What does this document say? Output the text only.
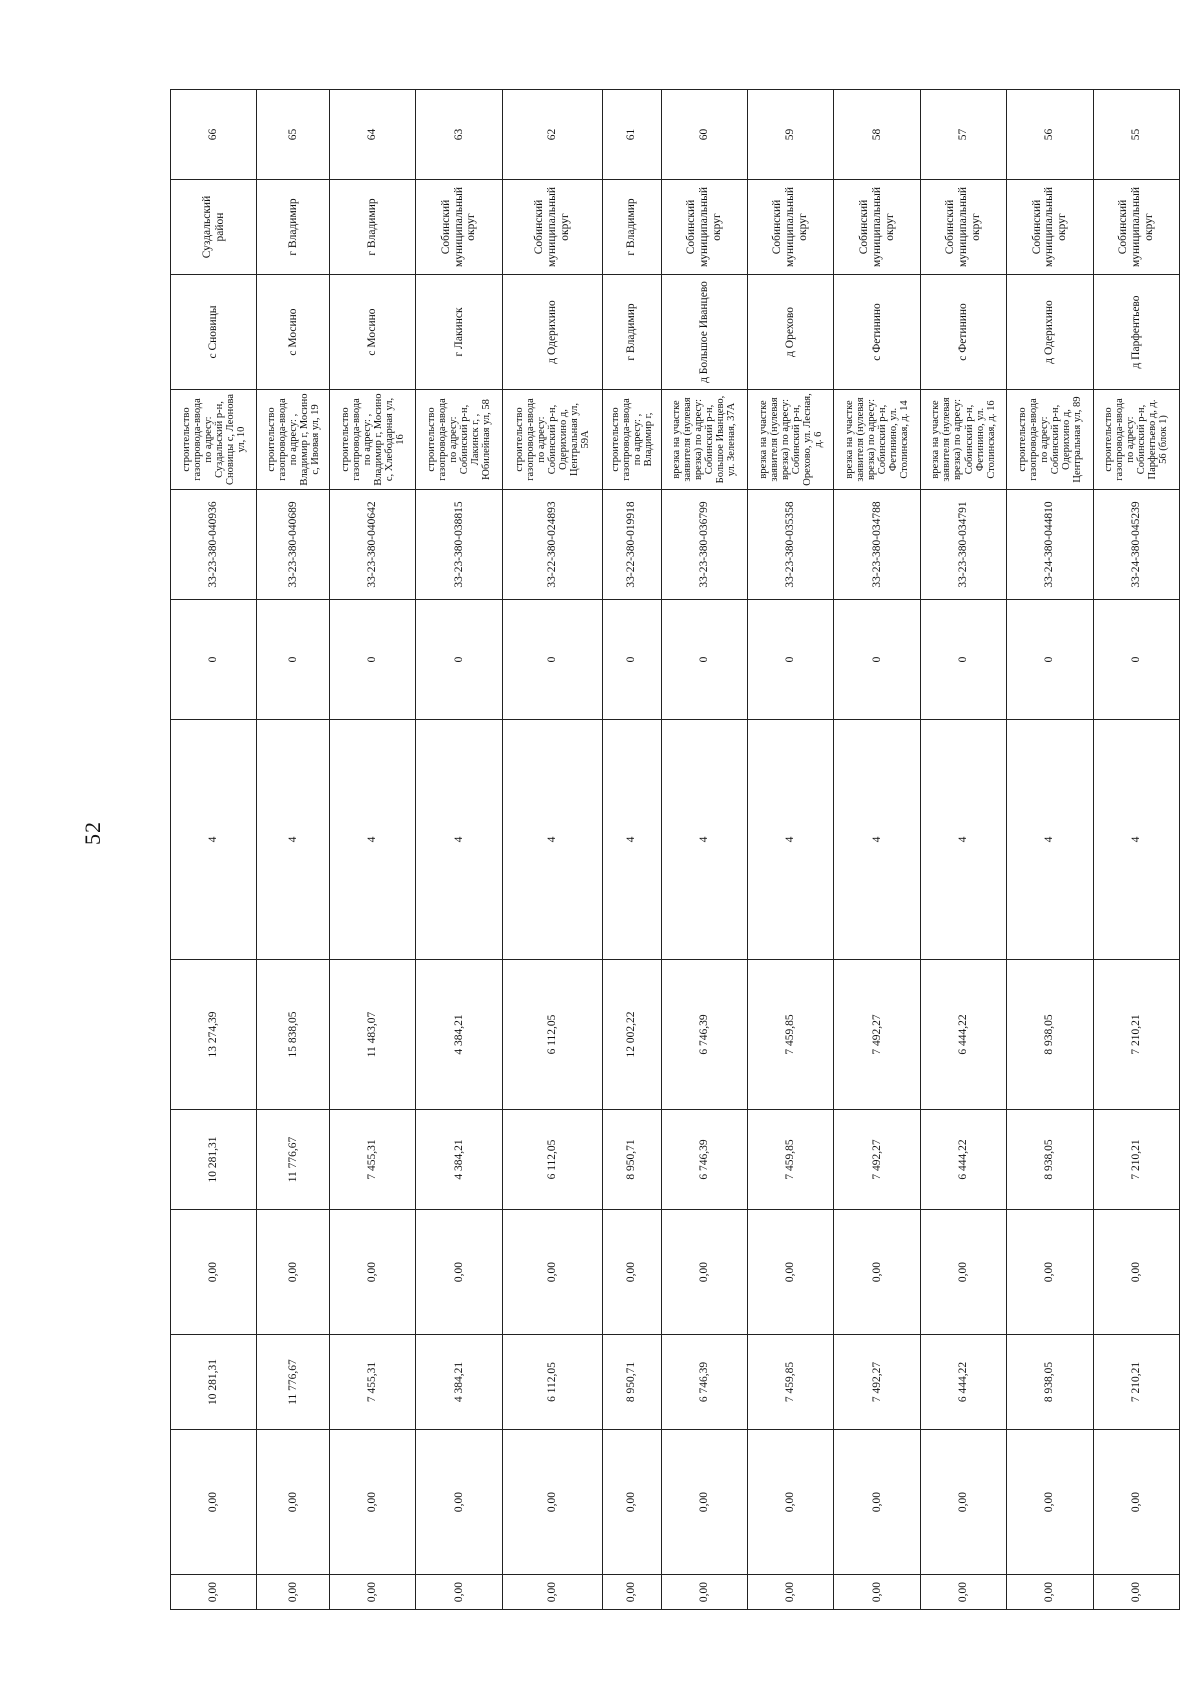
52
0,00	0,00	10 281,31	0,00	10 281,31	13 274,39	4	0	33-23-380-040936	строительство газопровода-ввода по адресу: Суздальский р-н, Сновицы с, Леонова ул, 10	с Сновицы	Суздальский район	66
0,00	0,00	11 776,67	0,00	11 776,67	15 838,05	4	0	33-23-380-040689	строительство газопровода-ввода по адресу: , Владимир г, Мосино с, Ивовая ул, 19	с Мосино	г Владимир	65
0,00	0,00	7 455,31	0,00	7 455,31	11 483,07	4	0	33-23-380-040642	строительство газопровода-ввода по адресу: , Владимир г, Мосино с, Хлебодарная ул, 16	с Мосино	г Владимир	64
0,00	0,00	4 384,21	0,00	4 384,21	4 384,21	4	0	33-23-380-038815	строительство газопровода-ввода по адресу: Собинский р-н, Лакинск г, , Юбилейная ул, 58	г Лакинск	Собинский муниципальный округ	63
0,00	0,00	6 112,05	0,00	6 112,05	6 112,05	4	0	33-22-380-024893	строительство газопровода-ввода по адресу: Собинский р-н, Одерихино д, Центральная ул, 59А	д Одерихино	Собинский муниципальный округ	62
0,00	0,00	8 950,71	0,00	8 950,71	12 002,22	4	0	33-22-380-019918	строительство газопровода-ввода по адресу: , Владимир г,	г Владимир	г Владимир	61
0,00	0,00	6 746,39	0,00	6 746,39	6 746,39	4	0	33-23-380-036799	врезка на участке заявителя (нулевая врезка) по адресу: Собинский р-н, Большое Иванцево, ул. Зеленая, 37А	д Большое Иванцево	Собинский муниципальный округ	60
0,00	0,00	7 459,85	0,00	7 459,85	7 459,85	4	0	33-23-380-035358	врезка на участке заявителя (нулевая врезка) по адресу: Собинский р-н, Орехово, ул. Лесная, д. 6	д Орехово	Собинский муниципальный округ	59
0,00	0,00	7 492,27	0,00	7 492,27	7 492,27	4	0	33-23-380-034788	врезка на участке заявителя (нулевая врезка) по адресу: Собинский р-н, Фетинино, ул. Столинская, д. 14	с Фетинино	Собинский муниципальный округ	58
0,00	0,00	6 444,22	0,00	6 444,22	6 444,22	4	0	33-23-380-034791	врезка на участке заявителя (нулевая врезка) по адресу: Собинский р-н, Фетинино, ул. Столинская, д. 16	с Фетинино	Собинский муниципальный округ	57
0,00	0,00	8 938,05	0,00	8 938,05	8 938,05	4	0	33-24-380-044810	строительство газопровода-ввода по адресу: Собинский р-н, Одерихино д, Центральная ул, 89	д Одерихино	Собинский муниципальный округ	56
0,00	0,00	7 210,21	0,00	7 210,21	7 210,21	4	0	33-24-380-045239	строительство газопровода-ввода по адресу: Собинский р-н, Парфентьево д, д. 56 (блок 1)	д Парфентьево	Собинский муниципальный округ	55
